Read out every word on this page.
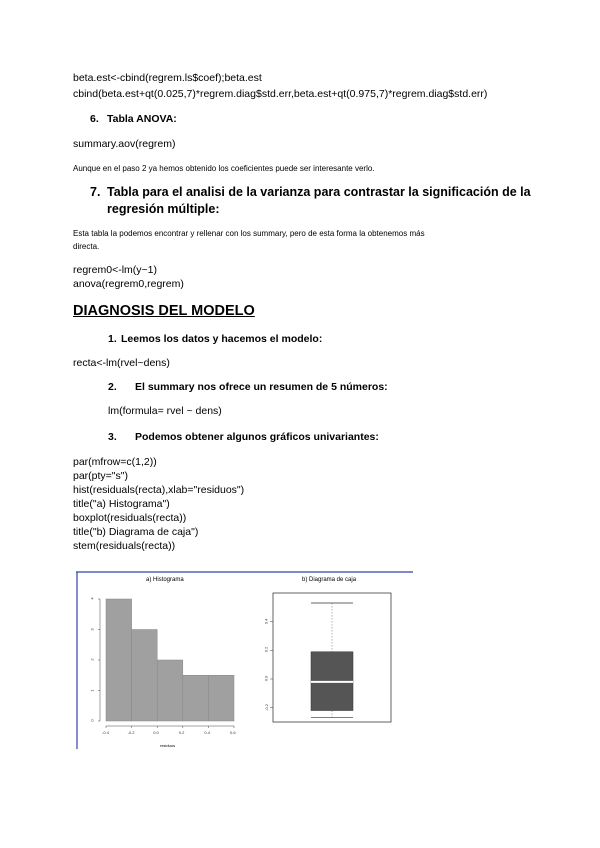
beta.est<-cbind(regrem.ls$coef);beta.est
cbind(beta.est+qt(0.025,7)*regrem.diag$std.err,beta.est+qt(0.975,7)*regrem.diag$std.err)
6. Tabla ANOVA:
summary.aov(regrem)
Aunque en el paso 2 ya hemos obtenido los coeficientes puede ser interesante verlo.
7. Tabla para el analisi de la varianza para contrastar la significación de la
regresión múltiple:
Esta tabla la podemos encontrar y rellenar con los summary, pero de esta forma la obtenemos más
directa.
regrem0<-lm(y~1)
anova(regrem0,regrem)
DIAGNOSIS DEL MODELO
1. Leemos los datos y hacemos el modelo:
recta<-lm(rvel~dens)
2. El summary nos ofrece un resumen de 5 números:
lm(formula= rvel ~ dens)
3. Podemos obtener algunos gráficos univariantes:
par(mfrow=c(1,2))
par(pty="s")
hist(residuals(recta),xlab="residuos")
title("a) Histograma")
boxplot(residuals(recta))
title("b) Diagrama de caja")
stem(residuals(recta))
a) Histograma	b) Diagrama de caja
residuos
0
1
2
3
4
-0.4	-0.2	0.0	0.2	0.4	0.6
-0.2
0.0
0.2
0.4
